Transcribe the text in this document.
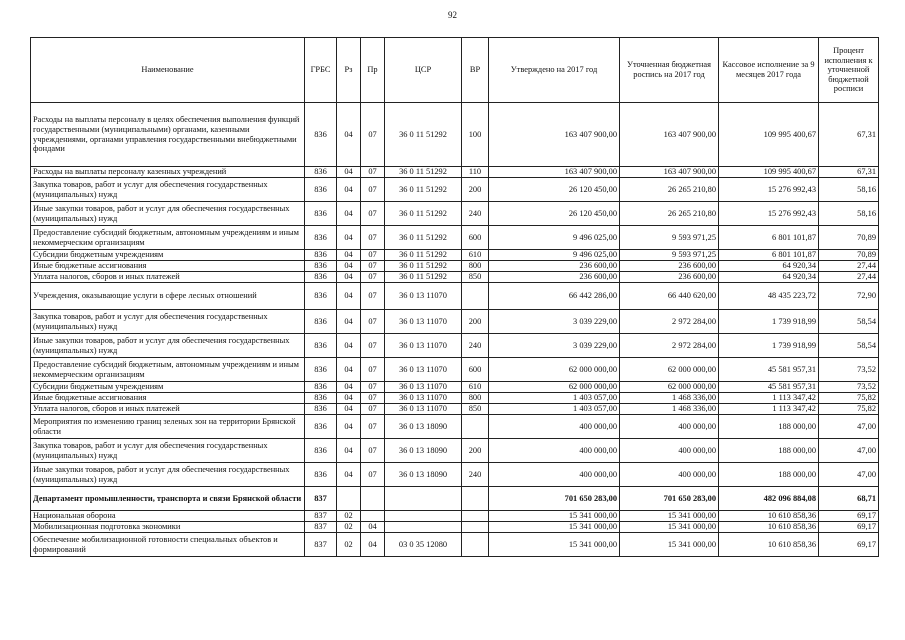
92
Наименование	ГРБС	Рз	Пр	ЦСР	ВР	Утверждено на 2017 год	Уточненная бюджетная роспись на 2017 год	Кассовое исполнение за 9 месяцев 2017 года	Процент исполнения к уточненной бюджетной росписи
Расходы на выплаты персоналу в целях обеспечения выполнения функций государственными (муниципальными) органами, казенными учреждениями, органами управления государственными внебюджетными фондами	836	04	07	36 0 11 51292	100	163 407 900,00	163 407 900,00	109 995 400,67	67,31
Расходы на выплаты персоналу казенных учреждений	836	04	07	36 0 11 51292	110	163 407 900,00	163 407 900,00	109 995 400,67	67,31
Закупка товаров, работ и услуг для обеспечения государственных (муниципальных) нужд	836	04	07	36 0 11 51292	200	26 120 450,00	26 265 210,80	15 276 992,43	58,16
Иные закупки товаров, работ и услуг для обеспечения государственных (муниципальных) нужд	836	04	07	36 0 11 51292	240	26 120 450,00	26 265 210,80	15 276 992,43	58,16
Предоставление субсидий бюджетным, автономным учреждениям и иным некоммерческим организациям	836	04	07	36 0 11 51292	600	9 496 025,00	9 593 971,25	6 801 101,87	70,89
Субсидии бюджетным учреждениям	836	04	07	36 0 11 51292	610	9 496 025,00	9 593 971,25	6 801 101,87	70,89
Иные бюджетные ассигнования	836	04	07	36 0 11 51292	800	236 600,00	236 600,00	64 920,34	27,44
Уплата налогов, сборов и иных платежей	836	04	07	36 0 11 51292	850	236 600,00	236 600,00	64 920,34	27,44
Учреждения, оказывающие услуги в сфере лесных отношений	836	04	07	36 0 13 11070		66 442 286,00	66 440 620,00	48 435 223,72	72,90
Закупка товаров, работ и услуг для обеспечения государственных (муниципальных) нужд	836	04	07	36 0 13 11070	200	3 039 229,00	2 972 284,00	1 739 918,99	58,54
Иные закупки товаров, работ и услуг для обеспечения государственных (муниципальных) нужд	836	04	07	36 0 13 11070	240	3 039 229,00	2 972 284,00	1 739 918,99	58,54
Предоставление субсидий бюджетным, автономным учреждениям и иным некоммерческим организациям	836	04	07	36 0 13 11070	600	62 000 000,00	62 000 000,00	45 581 957,31	73,52
Субсидии бюджетным учреждениям	836	04	07	36 0 13 11070	610	62 000 000,00	62 000 000,00	45 581 957,31	73,52
Иные бюджетные ассигнования	836	04	07	36 0 13 11070	800	1 403 057,00	1 468 336,00	1 113 347,42	75,82
Уплата налогов, сборов и иных платежей	836	04	07	36 0 13 11070	850	1 403 057,00	1 468 336,00	1 113 347,42	75,82
Мероприятия по изменению границ зеленых зон на территории Брянской области	836	04	07	36 0 13 18090		400 000,00	400 000,00	188 000,00	47,00
Закупка товаров, работ и услуг для обеспечения государственных (муниципальных) нужд	836	04	07	36 0 13 18090	200	400 000,00	400 000,00	188 000,00	47,00
Иные закупки товаров, работ и услуг для обеспечения государственных (муниципальных) нужд	836	04	07	36 0 13 18090	240	400 000,00	400 000,00	188 000,00	47,00
Департамент промышленности, транспорта и связи Брянской области	837					701 650 283,00	701 650 283,00	482 096 884,08	68,71
Национальная оборона	837	02				15 341 000,00	15 341 000,00	10 610 858,36	69,17
Мобилизационная подготовка экономики	837	02	04			15 341 000,00	15 341 000,00	10 610 858,36	69,17
Обеспечение мобилизационной готовности специальных объектов и формирований	837	02	04	03 0 35 12080		15 341 000,00	15 341 000,00	10 610 858,36	69,17
